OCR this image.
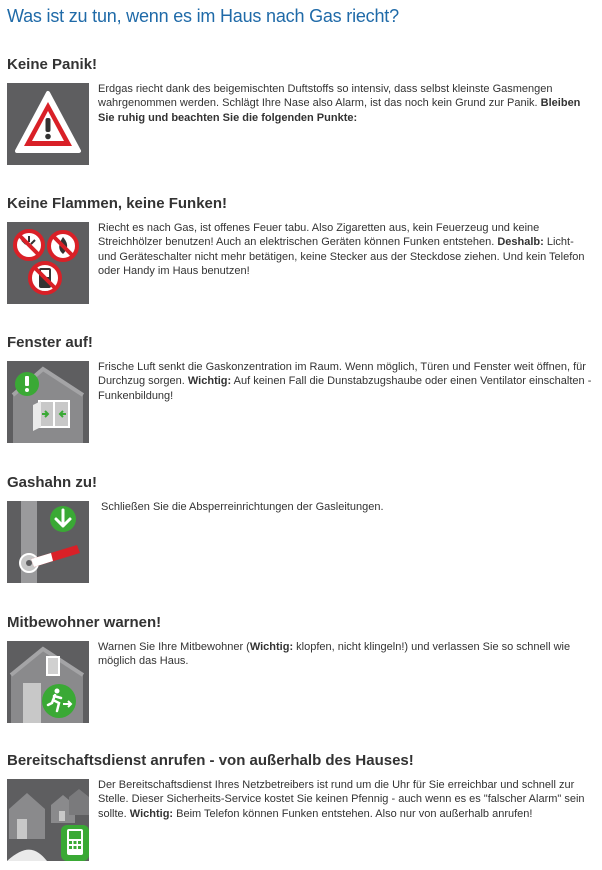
Was ist zu tun, wenn es im Haus nach Gas riecht?
Keine Panik!
Erdgas riecht dank des beigemischten Duftstoffs so intensiv, dass selbst kleinste Gasmengen wahrgenommen werden. Schlägt Ihre Nase also Alarm, ist das noch kein Grund zur Panik. Bleiben Sie ruhig und beachten Sie die folgenden Punkte:
Keine Flammen, keine Funken!
Riecht es nach Gas, ist offenes Feuer tabu. Also Zigaretten aus, kein Feuerzeug und keine Streichhölzer benutzen! Auch an elektrischen Geräten können Funken entstehen. Deshalb: Licht- und Geräteschalter nicht mehr betätigen, keine Stecker aus der Steckdose ziehen. Und kein Telefon oder Handy im Haus benutzen!
Fenster auf!
Frische Luft senkt die Gaskonzentration im Raum. Wenn möglich, Türen und Fenster weit öffnen, für Durchzug sorgen. Wichtig: Auf keinen Fall die Dunstabzugshaube oder einen Ventilator einschalten - Funkenbildung!
Gashahn zu!
Schließen Sie die Absperreinrichtungen der Gasleitungen.
Mitbewohner warnen!
Warnen Sie Ihre Mitbewohner (Wichtig: klopfen, nicht klingeln!) und verlassen Sie so schnell wie möglich das Haus.
Bereitschaftsdienst anrufen - von außerhalb des Hauses!
Der Bereitschaftsdienst Ihres Netzbetreibers ist rund um die Uhr für Sie erreichbar und schnell zur Stelle. Dieser Sicherheits-Service kostet Sie keinen Pfennig - auch wenn es es "falscher Alarm" sein sollte. Wichtig: Beim Telefon können Funken entstehen. Also nur von außerhalb anrufen!
